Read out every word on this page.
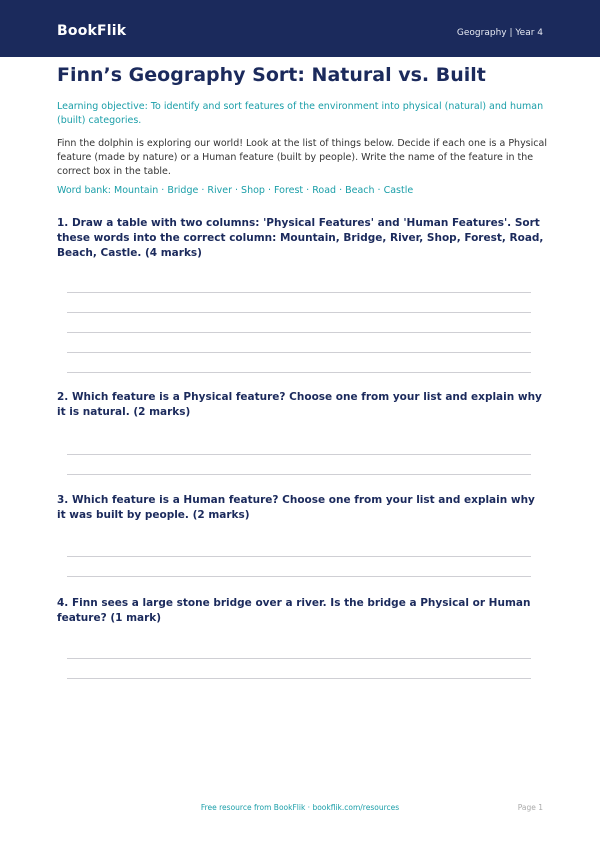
BookFlik	Geography | Year 4
Finn’s Geography Sort: Natural vs. Built
Learning objective: To identify and sort features of the environment into physical (natural) and human (built) categories.
Finn the dolphin is exploring our world! Look at the list of things below. Decide if each one is a Physical feature (made by nature) or a Human feature (built by people). Write the name of the feature in the correct box in the table.
Word bank: Mountain · Bridge · River · Shop · Forest · Road · Beach · Castle
1. Draw a table with two columns: 'Physical Features' and 'Human Features'. Sort these words into the correct column: Mountain, Bridge, River, Shop, Forest, Road, Beach, Castle. (4 marks)
2. Which feature is a Physical feature? Choose one from your list and explain why it is natural. (2 marks)
3. Which feature is a Human feature? Choose one from your list and explain why it was built by people. (2 marks)
4. Finn sees a large stone bridge over a river. Is the bridge a Physical or Human feature? (1 mark)
Free resource from BookFlik · bookflik.com/resources	Page 1
